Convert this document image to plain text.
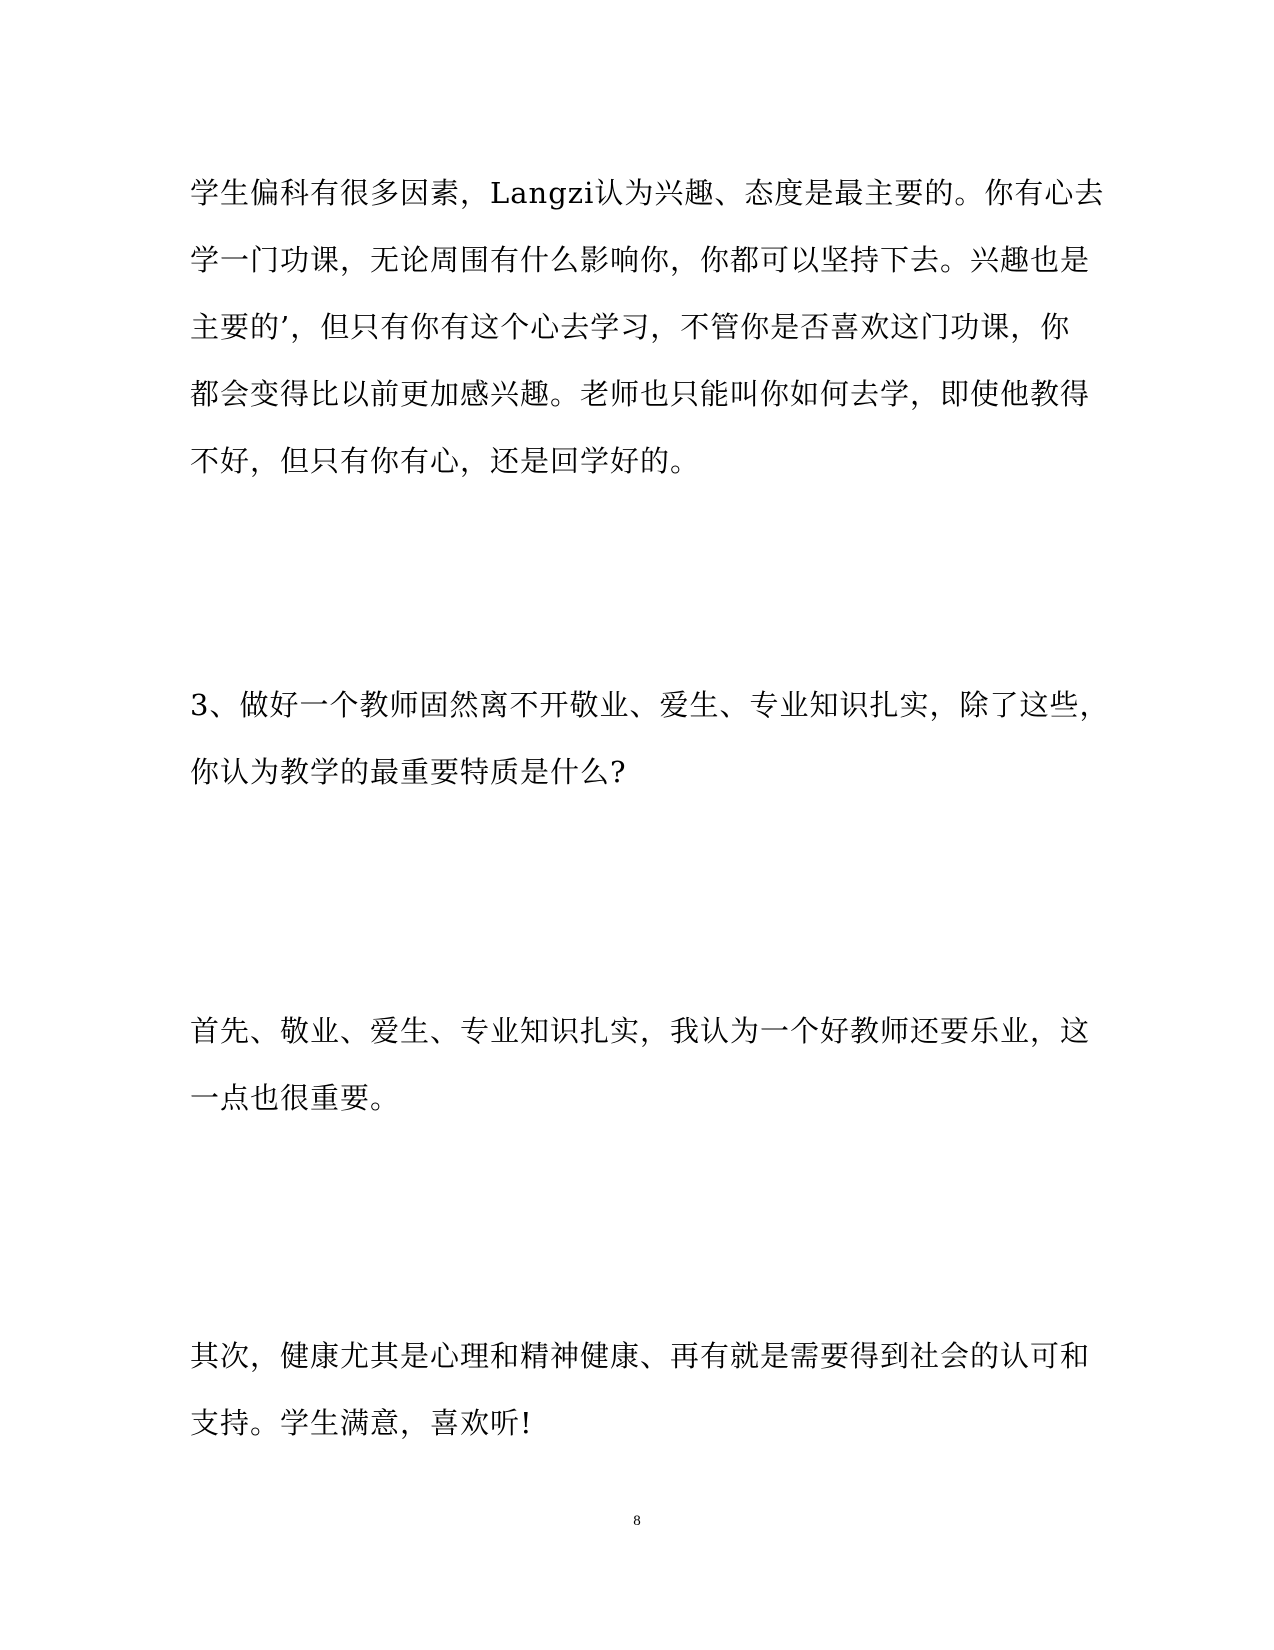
学生偏科有很多因素，Langzi认为兴趣、态度是最主要的。你有心去
学一门功课，无论周围有什么影响你，你都可以坚持下去。兴趣也是
主要的’，但只有你有这个心去学习，不管你是否喜欢这门功课，你
都会变得比以前更加感兴趣。老师也只能叫你如何去学，即使他教得
不好，但只有你有心，还是回学好的。
3、做好一个教师固然离不开敬业、爱生、专业知识扎实，除了这些，
你认为教学的最重要特质是什么?
首先、敬业、爱生、专业知识扎实，我认为一个好教师还要乐业，这
一点也很重要。
其次，健康尤其是心理和精神健康、再有就是需要得到社会的认可和
支持。学生满意，喜欢听!
8
